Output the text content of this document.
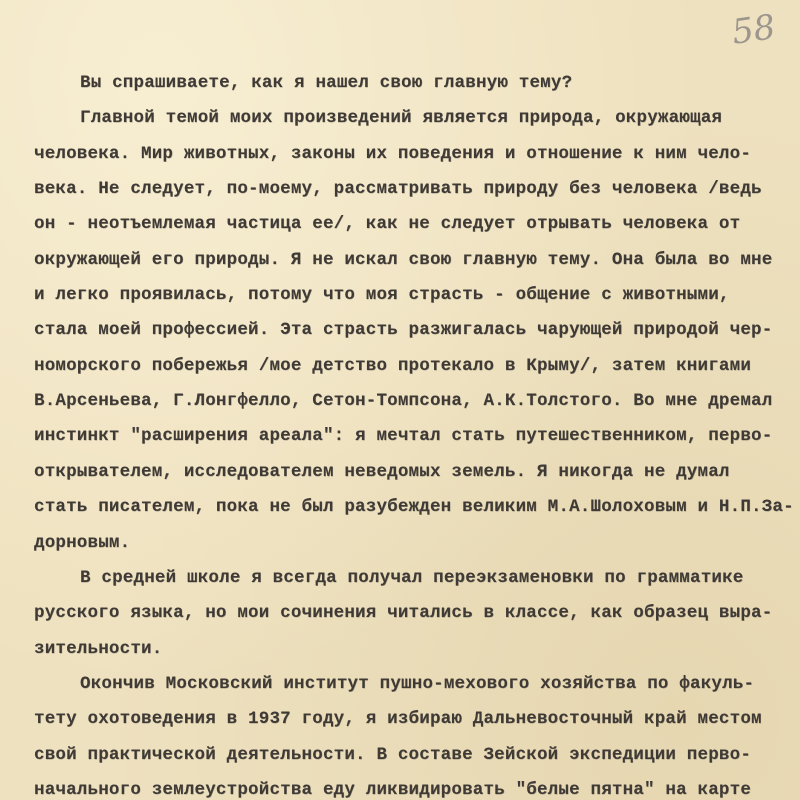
58
Вы спрашиваете, как я нашел свою главную тему?
Главной темой моих произведений является природа, окружающая
человека. Мир животных, законы их поведения и отношение к ним чело-
века. Не следует, по-моему, рассматривать природу без человека /ведь
он - неотъемлемая частица ее/, как не следует отрывать человека от
окружающей его природы. Я не искал свою главную тему. Она была во мне
и легко проявилась, потому что моя страсть - общение с животными,
стала моей профессией. Эта страсть разжигалась чарующей природой чер-
номорского побережья /мое детство протекало в Крыму/, затем книгами
В.Арсеньева, Г.Лонгфелло, Сетон-Томпсона, А.К.Толстого. Во мне дремал
инстинкт "расширения ареала": я мечтал стать путешественником, перво-
открывателем, исследователем неведомых земель. Я никогда не думал
стать писателем, пока не был разубежден великим М.А.Шолоховым и Н.П.За-
дорновым.
В средней школе я всегда получал переэкзаменовки по грамматике
русского языка, но мои сочинения читались в классе, как образец выра-
зительности.
Окончив Московский институт пушно-мехового хозяйства по факуль-
тету охотоведения в 1937 году, я избираю Дальневосточный край местом
свой практической деятельности. В составе Зейской экспедиции перво-
начального землеустройства еду ликвидировать "белые пятна" на карте
